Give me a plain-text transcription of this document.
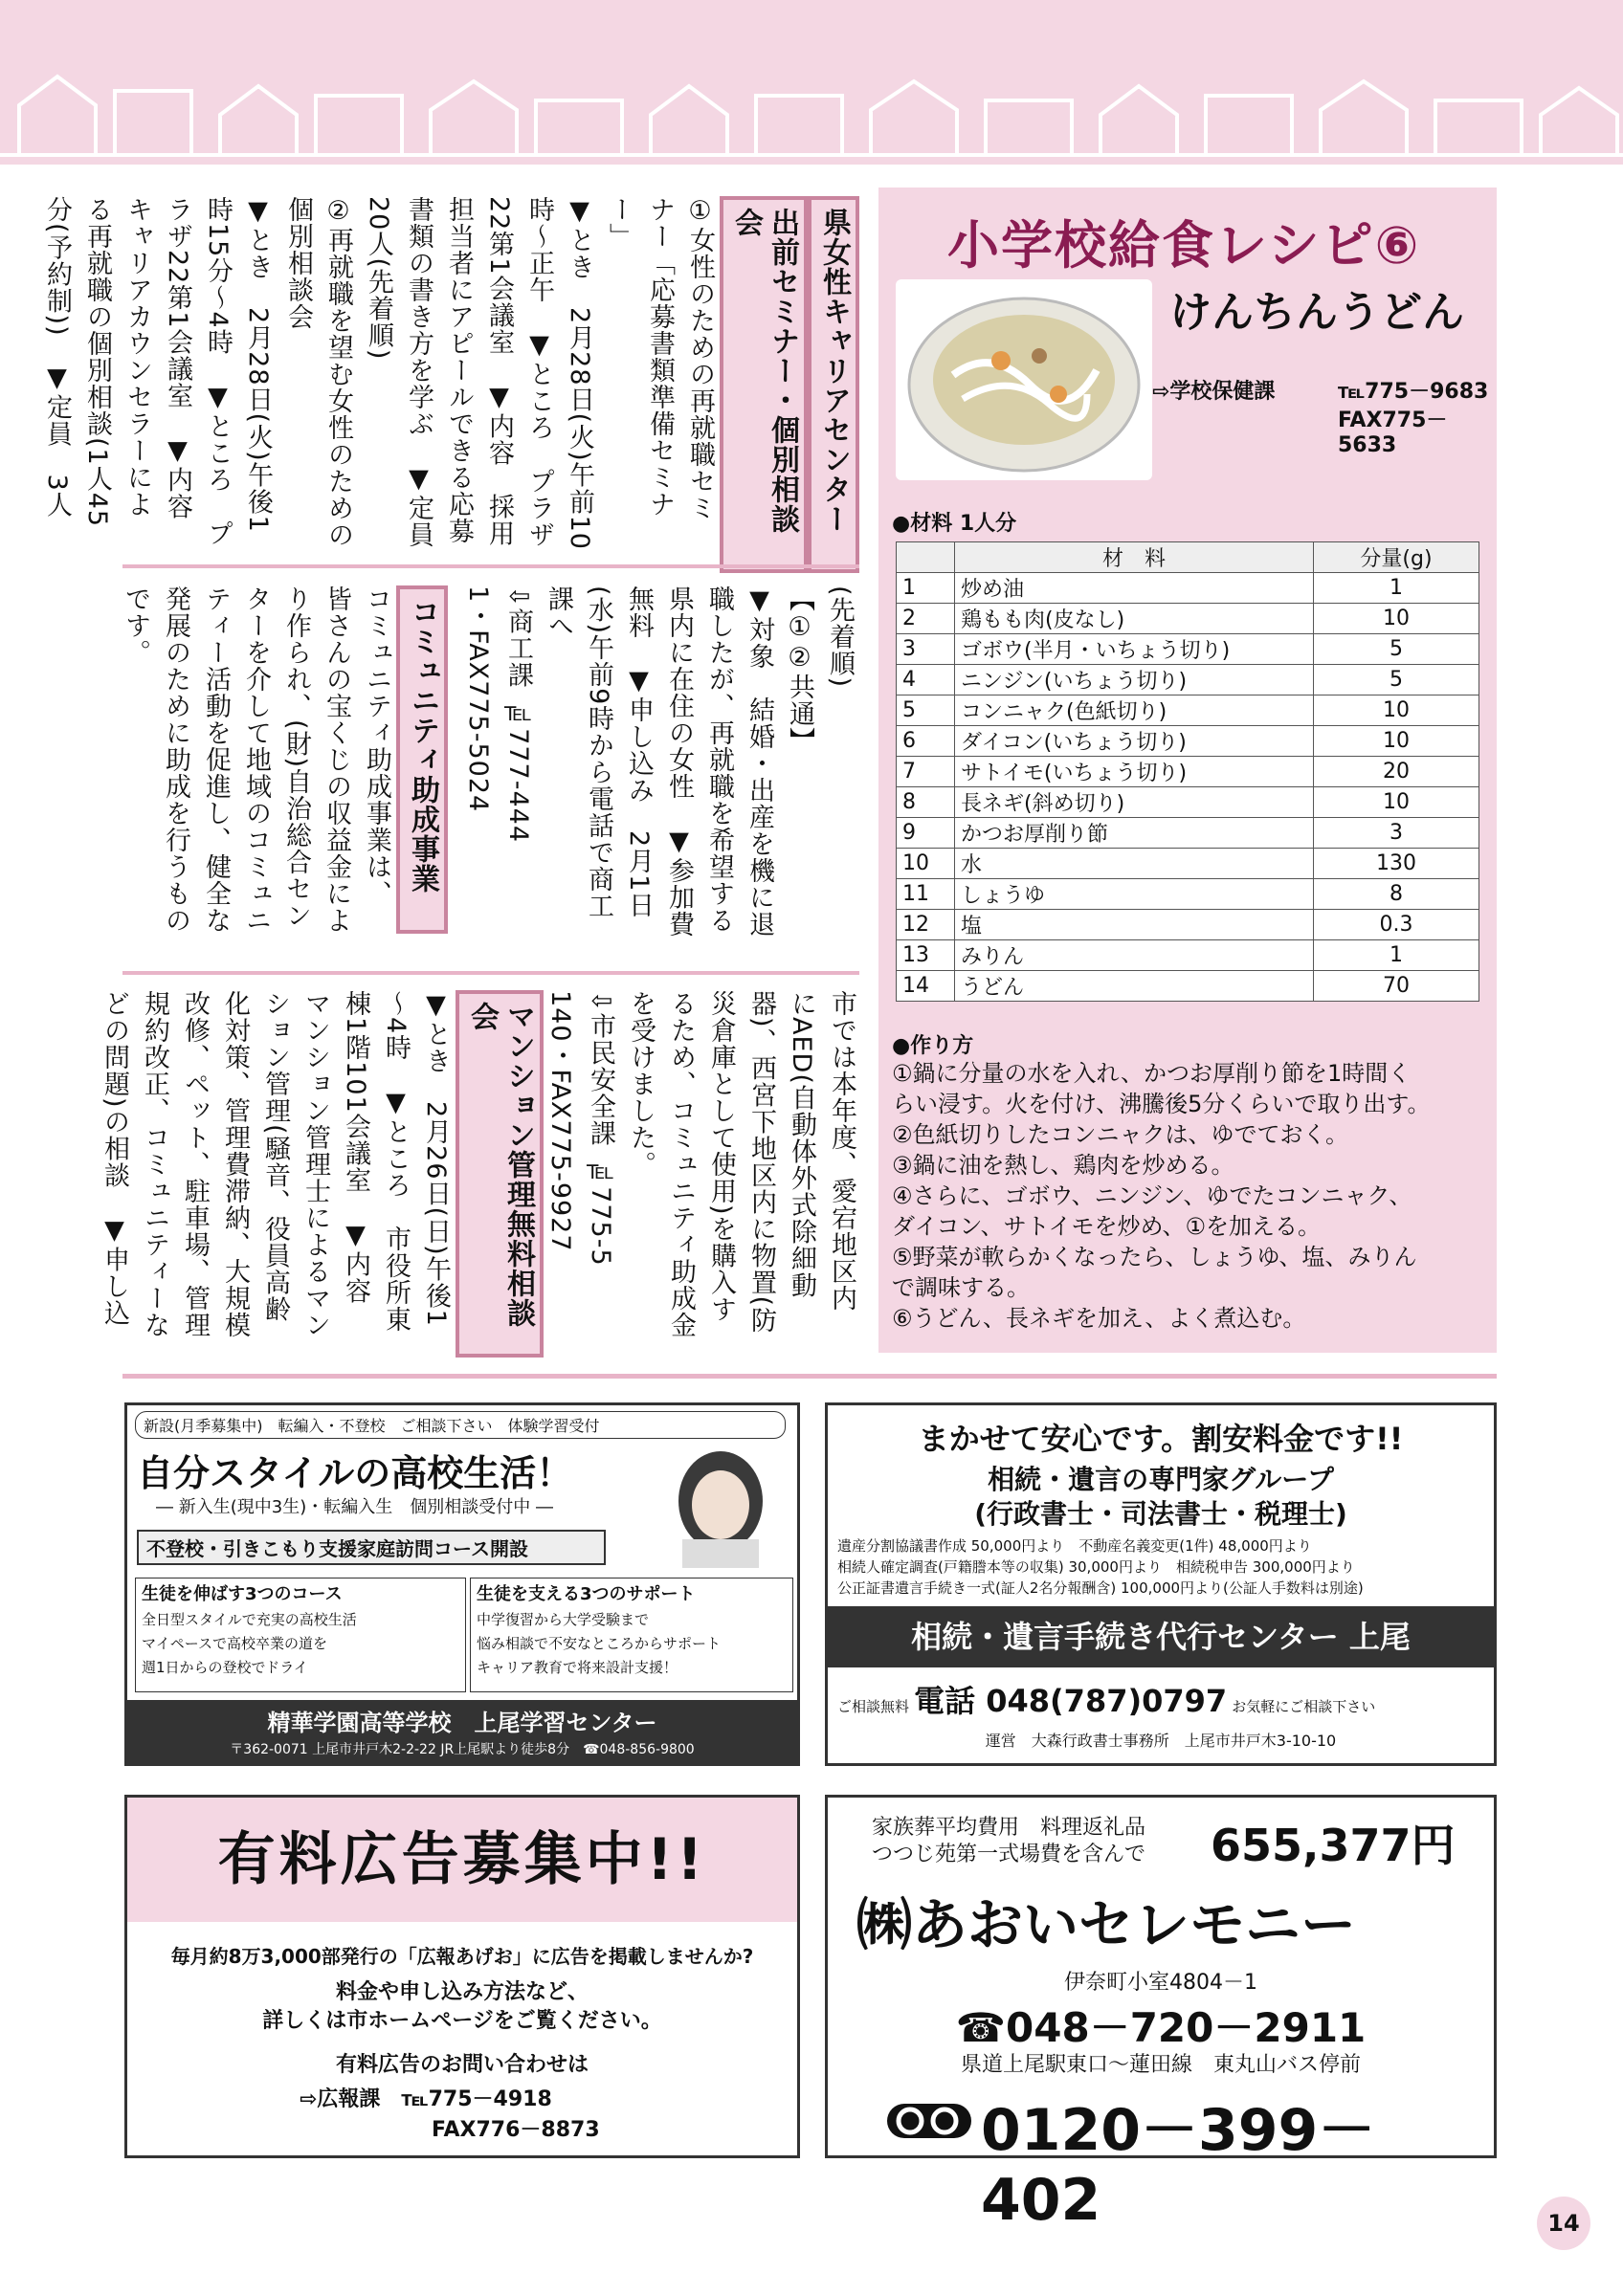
県女性キャリアセンター
出前セミナー・個別相談会
①女性のための再就職セミ
ナー「応募書類準備セミナー」
▼とき　2月28日(火)午前10
時～正午　▼ところ　プラザ
22第1会議室　▼内容　採用
担当者にアピールできる応募
書類の書き方を学ぶ　▼定員
20人(先着順)
②再就職を望む女性のための
個別相談会
▼とき　2月28日(火)午後1
時15分～4時　▼ところ　プ
ラザ22第1会議室　▼内容
キャリアカウンセラーによ
る再就職の個別相談(1人45
分(予約制))　▼定員　3人
(先着順)
【①②共通】
▼対象　結婚・出産を機に退
職したが、再就職を希望する
県内に在住の女性　▼参加費
無料　▼申し込み　2月1日
(水)午前9時から電話で商工
課へ
⇩商工課 ℡777-444
1・FAX775-5024
コミュニティ助成事業
コミュニティ助成事業は、
皆さんの宝くじの収益金によ
り作られ、(財)自治総合セン
ターを介して地域のコミュニ
ティー活動を促進し、健全な
発展のために助成を行うもの
です。
市では本年度、愛宕地区内
にAED(自動体外式除細動
器)、西宮下地区内に物置(防
災倉庫として使用)を購入す
るため、コミュニティ助成金
を受けました。
⇩市民安全課 ℡775-5
140・FAX775-9927
マンション管理無料相談会
▼とき　2月26日(日)午後1
～4時　▼ところ　市役所東
棟1階101会議室　▼内容
マンション管理士によるマン
ション管理(騒音、役員高齢
化対策、管理費滞納、大規模
改修、ペット、駐車場、管理
規約改正、コミュニティーな
どの問題)の相談　▼申し込
小学校給食レシピ⑥
けんちんうどん
⇨学校保健課	℡775－9683
FAX775－5633
●材料 1人分
	材　料	分量(g)
1	炒め油	1
2	鶏もも肉(皮なし)	10
3	ゴボウ(半月・いちょう切り)	5
4	ニンジン(いちょう切り)	5
5	コンニャク(色紙切り)	10
6	ダイコン(いちょう切り)	10
7	サトイモ(いちょう切り)	20
8	長ネギ(斜め切り)	10
9	かつお厚削り節	3
10	水	130
11	しょうゆ	8
12	塩	0.3
13	みりん	1
14	うどん	70
●作り方
①鍋に分量の水を入れ、かつお厚削り節を1時間く
らい浸す。火を付け、沸騰後5分くらいで取り出す。
②色紙切りしたコンニャクは、ゆでておく。
③鍋に油を熱し、鶏肉を炒める。
④さらに、ゴボウ、ニンジン、ゆでたコンニャク、
ダイコン、サトイモを炒め、①を加える。
⑤野菜が軟らかくなったら、しょうゆ、塩、みりん
で調味する。
⑥うどん、長ネギを加え、よく煮込む。
新設(月季募集中)　転編入・不登校　ご相談下さい　体験学習受付
自分スタイルの高校生活！
― 新入生(現中3生)・転編入生　個別相談受付中 ―
不登校・引きこもり支援家庭訪問コース開設
生徒を伸ばす3つのコース
全日型スタイルで充実の高校生活
マイペースで高校卒業の道を
週1日からの登校でドライ
生徒を支える3つのサポート
中学復習から大学受験まで
悩み相談で不安なところからサポート
キャリア教育で将来設計支援！
精華学園高等学校　上尾学習センター
〒362-0071 上尾市井戸木2-2-22 JR上尾駅より徒歩8分　☎048-856-9800
まかせて安心です。割安料金です!!
相続・遺言の専門家グループ
(行政書士・司法書士・税理士)
遺産分割協議書作成 50,000円より　 不動産名義変更(1件) 48,000円より
相続人確定調査(戸籍謄本等の収集) 30,000円より　 相続税申告 300,000円より
公正証書遺言手続き一式(証人2名分報酬含) 100,000円より(公証人手数料は別途)
相続・遺言手続き代行センター 上尾
ご相談無料 電話 048(787)0797 お気軽にご相談下さい
運営　大森行政書士事務所　上尾市井戸木3-10-10
有料広告募集中!!
毎月約8万3,000部発行の「広報あげお」に広告を掲載しませんか?
料金や申し込み方法など、
詳しくは市ホームページをご覧ください。
有料広告のお問い合わせは
⇨広報課　℡775－4918
FAX776－8873
家族葬平均費用　料理返礼品
つつじ苑第一式場費を含んで 655,377円
㈱あおいセレモニー
伊奈町小室4804－1
☎048－720－2911
県道上尾駅東口～蓮田線　東丸山バス停前
0120－399－402	14
